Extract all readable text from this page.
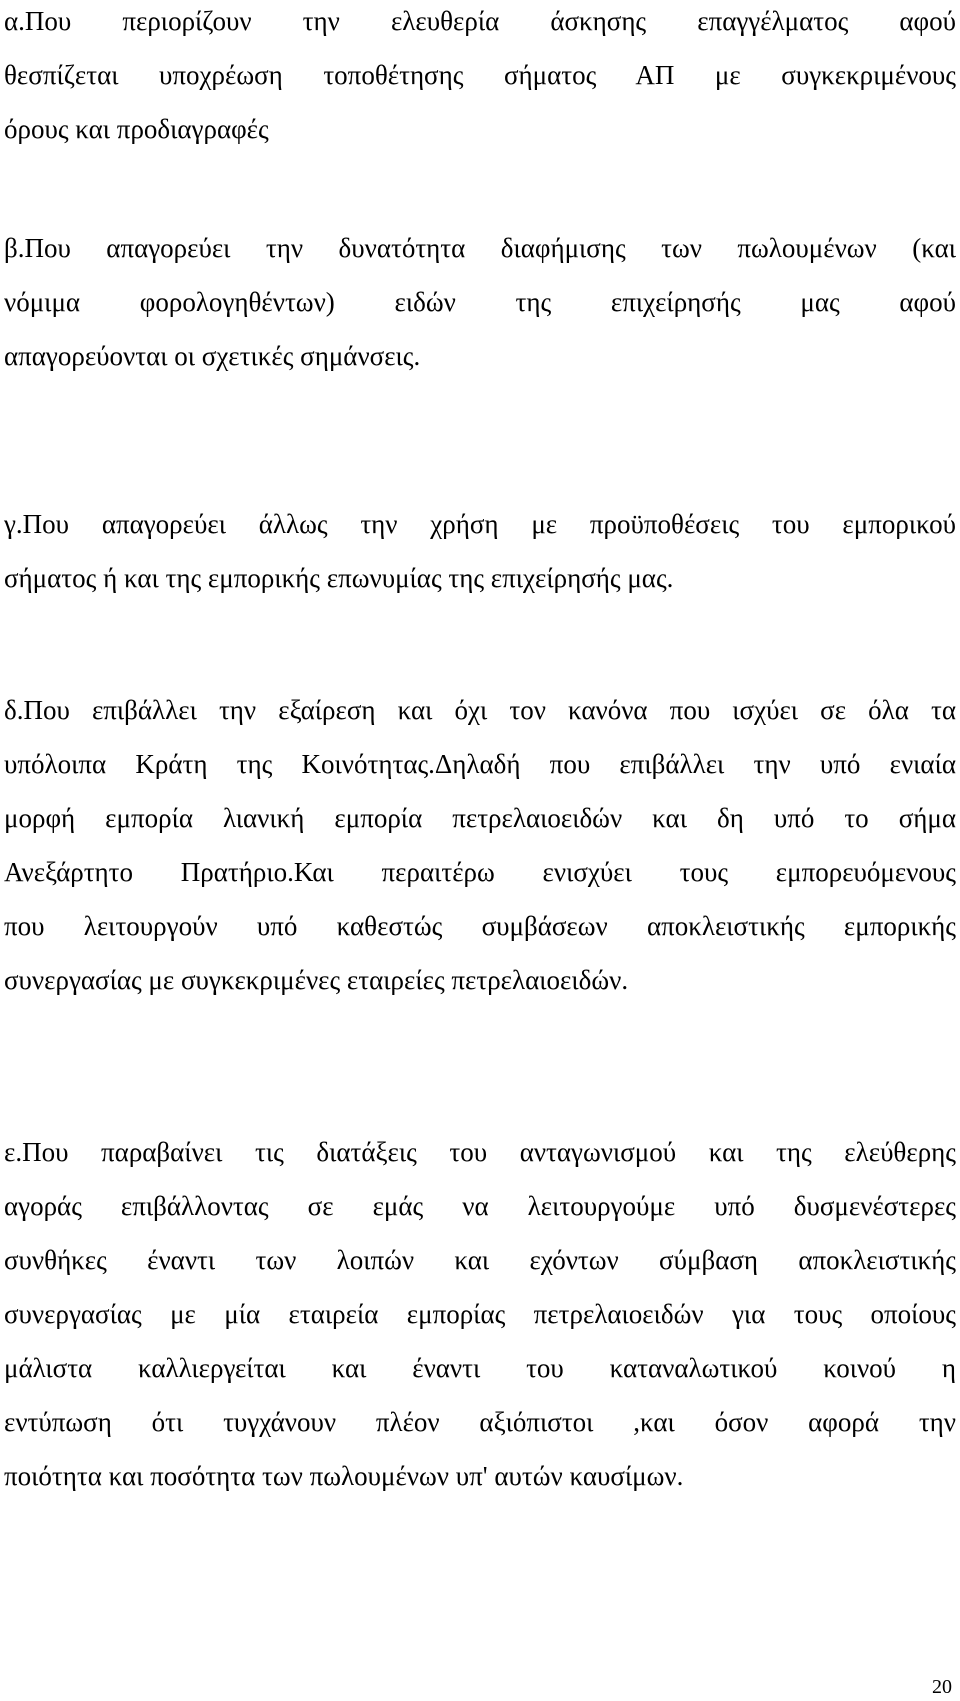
α.Που περιορίζουν την ελευθερία άσκησης επαγγέλματος αφού
θεσπίζεται υποχρέωση τοποθέτησης σήματος ΑΠ με συγκεκριμένους
όρους και προδιαγραφές
β.Που απαγορεύει την δυνατότητα διαφήμισης των πωλουμένων (και
νόμιμα φορολογηθέντων) ειδών της επιχείρησής μας αφού
απαγορεύονται οι σχετικές σημάνσεις.
γ.Που απαγορεύει άλλως την χρήση με προϋποθέσεις του εμπορικού
σήματος ή και της εμπορικής επωνυμίας της επιχείρησής μας.
δ.Που επιβάλλει την εξαίρεση και όχι τον κανόνα που ισχύει σε όλα τα
υπόλοιπα Κράτη της Κοινότητας.Δηλαδή που επιβάλλει την υπό ενιαία
μορφή εμπορία λιανική εμπορία πετρελαιοειδών και δη υπό το σήμα
Ανεξάρτητο Πρατήριο.Και περαιτέρω ενισχύει τους εμπορευόμενους
που λειτουργούν υπό καθεστώς συμβάσεων αποκλειστικής εμπορικής
συνεργασίας με συγκεκριμένες εταιρείες πετρελαιοειδών.
ε.Που παραβαίνει τις διατάξεις του ανταγωνισμού και της ελεύθερης
αγοράς επιβάλλοντας σε εμάς να λειτουργούμε υπό δυσμενέστερες
συνθήκες έναντι των λοιπών και εχόντων σύμβαση αποκλειστικής
συνεργασίας με μία εταιρεία εμπορίας πετρελαιοειδών για τους οποίους
μάλιστα καλλιεργείται και έναντι του καταναλωτικού κοινού η
εντύπωση ότι τυγχάνουν πλέον αξιόπιστοι ,και όσον αφορά την
ποιότητα και ποσότητα των πωλουμένων υπ' αυτών καυσίμων.
20
